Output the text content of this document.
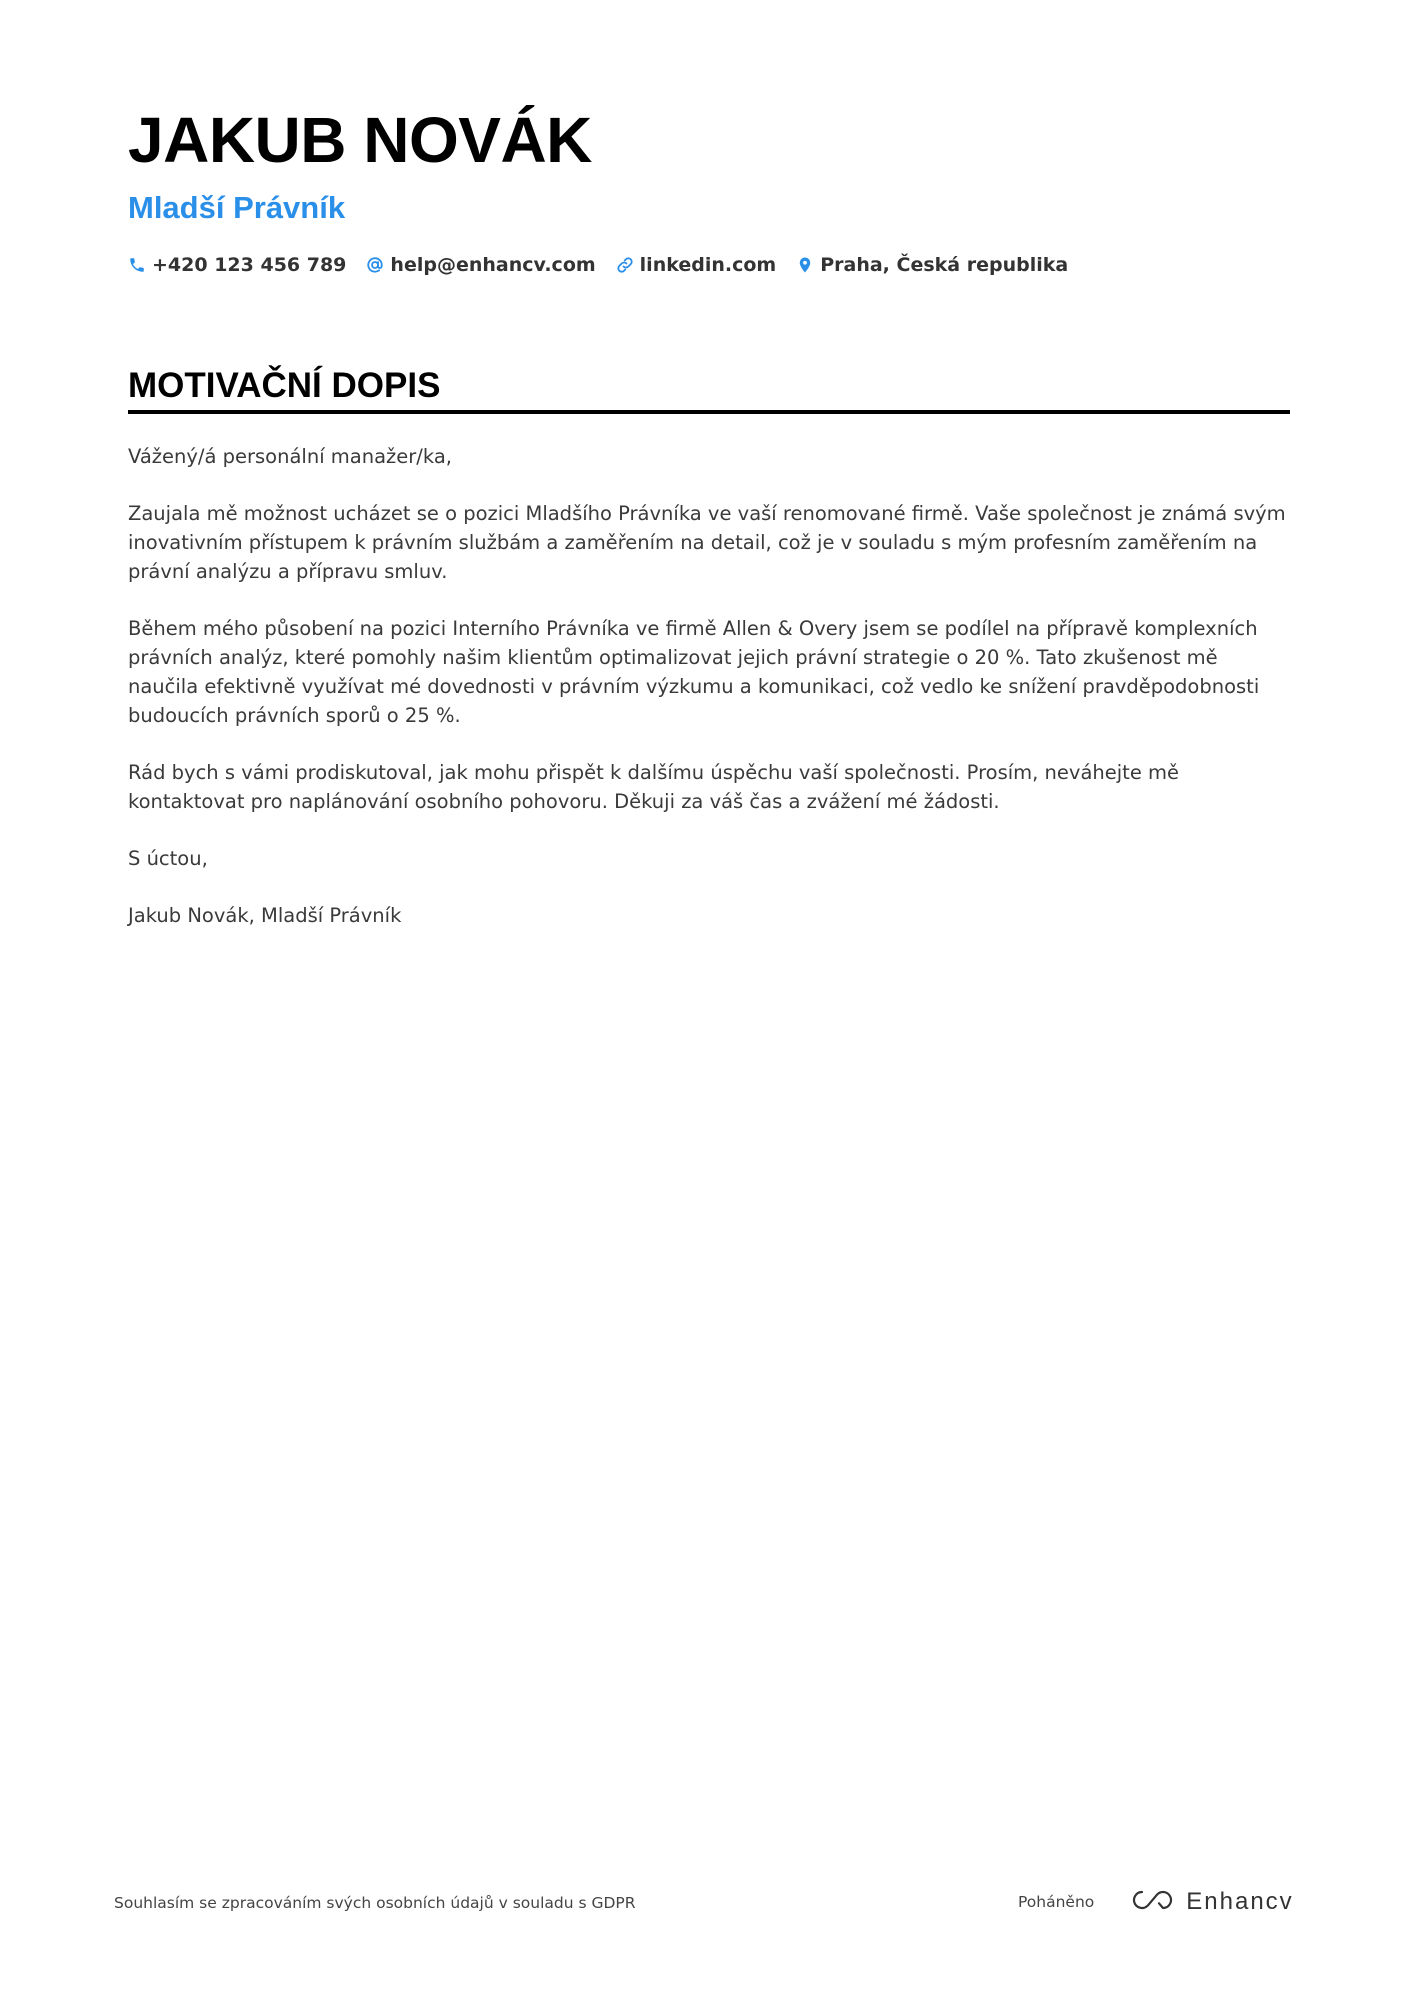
JAKUB NOVÁK
Mladší Právník
+420 123 456 789 help@enhancv.com linkedin.com Praha, Česká republika
MOTIVAČNÍ DOPIS

Vážený/á personální manažer/ka,

Zaujala mě možnost ucházet se o pozici Mladšího Právníka ve vaší renomované firmě. Vaše společnost je známá svým inovativním přístupem k právním službám a zaměřením na detail, což je v souladu s mým profesním zaměřením na právní analýzu a přípravu smluv.

Během mého působení na pozici Interního Právníka ve firmě Allen & Overy jsem se podílel na přípravě komplexních právních analýz, které pomohly našim klientům optimalizovat jejich právní strategie o 20 %. Tato zkušenost mě naučila efektivně využívat mé dovednosti v právním výzkumu a komunikaci, což vedlo ke snížení pravděpodobnosti budoucích právních sporů o 25 %.

Rád bych s vámi prodiskutoval, jak mohu přispět k dalšímu úspěchu vaší společnosti. Prosím, neváhejte mě kontaktovat pro naplánování osobního pohovoru. Děkuji za váš čas a zvážení mé žádosti.

S úctou,

Jakub Novák, Mladší Právník

Souhlasím se zpracováním svých osobních údajů v souladu s GDPR	Poháněno	Enhancv
